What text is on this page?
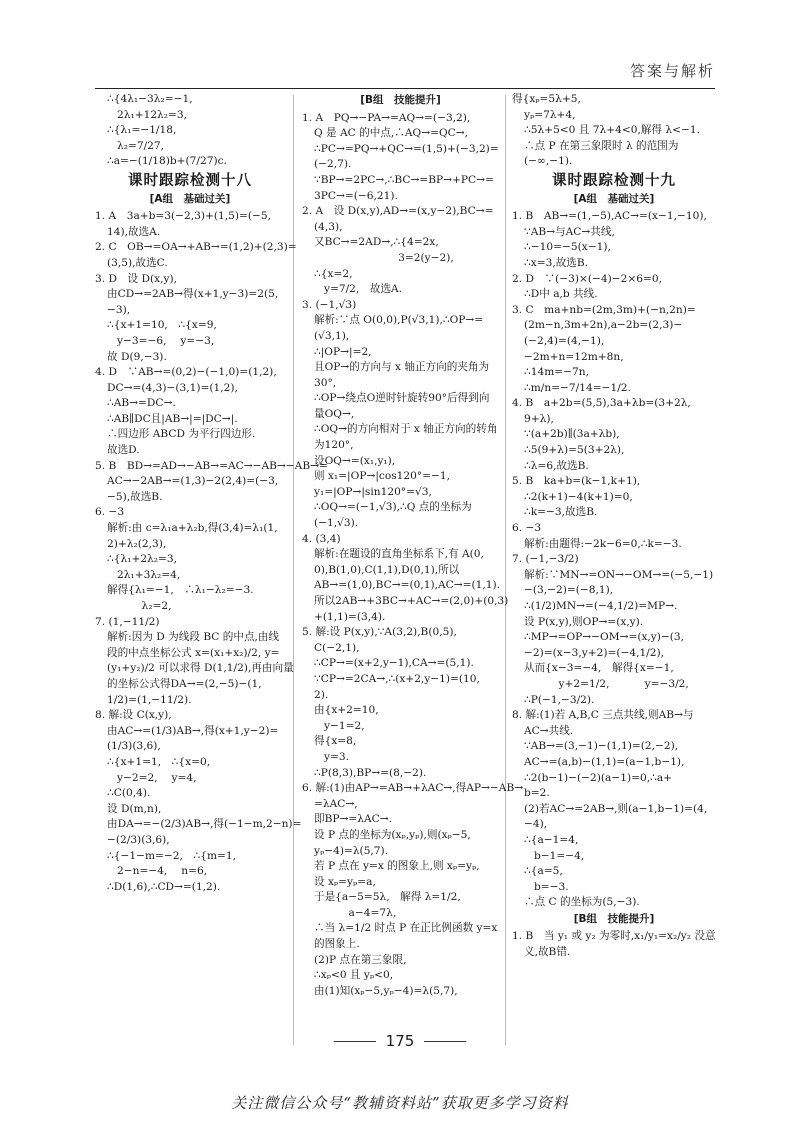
答案与解析
∴{4λ₁−3λ₂=−1,
2λ₁+12λ₂=3,
∴{λ₁=−1/18,
λ₂=7/27,
∴a=−(1/18)b+(7/27)c.
课时跟踪检测十八
[A组　基础过关]
1. A　3a+b=3(−2,3)+(1,5)=(−5,
14),故选A.
2. C　OB→=OA→+AB→=(1,2)+(2,3)=
(3,5),故选C.
3. D　设 D(x,y),
由CD→=2AB→得(x+1,y−3)=2(5,
−3),
∴{x+1=10,　∴{x=9,
y−3=−6,　 y=−3,
故 D(9,−3).
4. D　∵AB→=(0,2)−(−1,0)=(1,2),
DC→=(4,3)−(3,1)=(1,2),
∴AB→=DC→.
∴AB∥DC且|AB→|=|DC→|.
∴四边形 ABCD 为平行四边形.
故选D.
5. B　BD→=AD→−AB→=AC→−AB→−AB→=
AC→−2AB→=(1,3)−2(2,4)=(−3,
−5),故选B.
6. −3
解析:由 c=λ₁a+λ₂b,得(3,4)=λ₁(1,
2)+λ₂(2,3),
∴{λ₁+2λ₂=3,
2λ₁+3λ₂=4,
解得{λ₁=−1,　∴λ₁−λ₂=−3.
　　 λ₂=2,
7. (1,−11/2)
解析:因为 D 为线段 BC 的中点,由线
段的中点坐标公式 x=(x₁+x₂)/2, y=
(y₁+y₂)/2 可以求得 D(1,1/2),再由向量
的坐标公式得DA→=(2,−5)−(1,
1/2)=(1,−11/2).
8. 解:设 C(x,y),
由AC→=(1/3)AB→,得(x+1,y−2)=
(1/3)(3,6),
∴{x+1=1,　∴{x=0,
y−2=2,　 y=4,
∴C(0,4).
设 D(m,n),
由DA→=−(2/3)AB→,得(−1−m,2−n)=
−(2/3)(3,6),
∴{−1−m=−2,　∴{m=1,
2−n=−4,　 n=6,
∴D(1,6),∴CD→=(1,2).
[B组　技能提升]
1. A　PQ→−PA→=AQ→=(−3,2),
Q 是 AC 的中点,∴AQ→=QC→,
∴PC→=PQ→+QC→=(1,5)+(−3,2)=
(−2,7).
∵BP→=2PC→,∴BC→=BP→+PC→=
3PC→=(−6,21).
2. A　设 D(x,y),AD→=(x,y−2),BC→=
(4,3),
又BC→=2AD→,∴{4=2x,
　　　　　　　3=2(y−2),
∴{x=2,
y=7/2,　故选A.
3. (−1,√3)
解析:∵点 O(0,0),P(√3,1),∴OP→=
(√3,1),
∴|OP→|=2,
且OP→的方向与 x 轴正方向的夹角为
30°,
∴OP→绕点O逆时针旋转90°后得到向
量OQ→,
∴OQ→的方向相对于 x 轴正方向的转角
为120°,
设OQ→=(x₁,y₁),
则 x₁=|OP→|cos120°=−1,
y₁=|OP→|sin120°=√3,
∴OQ→=(−1,√3),∴Q 点的坐标为
(−1,√3).
4. (3,4)
解析:在题设的直角坐标系下,有 A(0,
0),B(1,0),C(1,1),D(0,1),所以
AB→=(1,0),BC→=(0,1),AC→=(1,1).
所以2AB→+3BC→+AC→=(2,0)+(0,3)
+(1,1)=(3,4).
5. 解:设 P(x,y),∵A(3,2),B(0,5),
C(−2,1),
∴CP→=(x+2,y−1),CA→=(5,1).
∵CP→=2CA→,∴(x+2,y−1)=(10,
2).
由{x+2=10,
y−1=2,
得{x=8,
y=3.
∴P(8,3),BP→=(8,−2).
6. 解:(1)由AP→=AB→+λAC→,得AP→−AB→
=λAC→,
即BP→=λAC→.
设 P 点的坐标为(xₚ,yₚ),则(xₚ−5,
yₚ−4)=λ(5,7).
若 P 点在 y=x 的图象上,则 xₚ=yₚ,
设 xₚ=yₚ=a,
于是{a−5=5λ,　解得 λ=1/2,
　　 a−4=7λ,
∴当 λ=1/2 时点 P 在正比例函数 y=x
的图象上.
(2)P 点在第三象限,
∴xₚ<0 且 yₚ<0,
由(1)知(xₚ−5,yₚ−4)=λ(5,7),
得{xₚ=5λ+5,
yₚ=7λ+4,
∴5λ+5<0 且 7λ+4<0,解得 λ<−1.
∴点 P 在第三象限时 λ 的范围为
(−∞,−1).
课时跟踪检测十九
[A组　基础过关]
1. B　AB→=(1,−5),AC→=(x−1,−10),
∵AB→与AC→共线,
∴−10=−5(x−1),
∴x=3,故选B.
2. D　∵(−3)×(−4)−2×6=0,
∴D中 a,b 共线.
3. C　ma+nb=(2m,3m)+(−n,2n)=
(2m−n,3m+2n),a−2b=(2,3)−
(−2,4)=(4,−1),
−2m+n=12m+8n,
∴14m=−7n,
∴m/n=−7/14=−1/2.
4. B　a+2b=(5,5),3a+λb=(3+2λ,
9+λ),
∵(a+2b)∥(3a+λb),
∴5(9+λ)=5(3+2λ),
∴λ=6,故选B.
5. B　ka+b=(k−1,k+1),
∴2(k+1)−4(k+1)=0,
∴k=−3,故选B.
6. −3
解析:由题得:−2k−6=0,∴k=−3.
7. (−1,−3/2)
解析:∵MN→=ON→−OM→=(−5,−1)
−(3,−2)=(−8,1),
∴(1/2)MN→=(−4,1/2)=MP→.
设 P(x,y),则OP→=(x,y).
∴MP→=OP→−OM→=(x,y)−(3,
−2)=(x−3,y+2)=(−4,1/2),
从而{x−3=−4,　解得{x=−1,
　　 y+2=1/2,　　　 y=−3/2,
∴P(−1,−3/2).
8. 解:(1)若 A,B,C 三点共线,则AB→与
AC→共线.
∵AB→=(3,−1)−(1,1)=(2,−2),
AC→=(a,b)−(1,1)=(a−1,b−1),
∴2(b−1)−(−2)(a−1)=0,∴a+
b=2.
(2)若AC→=2AB→,则(a−1,b−1)=(4,
−4),
∴{a−1=4,
b−1=−4,
∴{a=5,
b=−3.
∴点 C 的坐标为(5,−3).
[B组　技能提升]
1. B　当 y₁ 或 y₂ 为零时,x₁/y₁=x₂/y₂ 没意
义,故B错.
175
关注微信公众号“教辅资料站”获取更多学习资料
